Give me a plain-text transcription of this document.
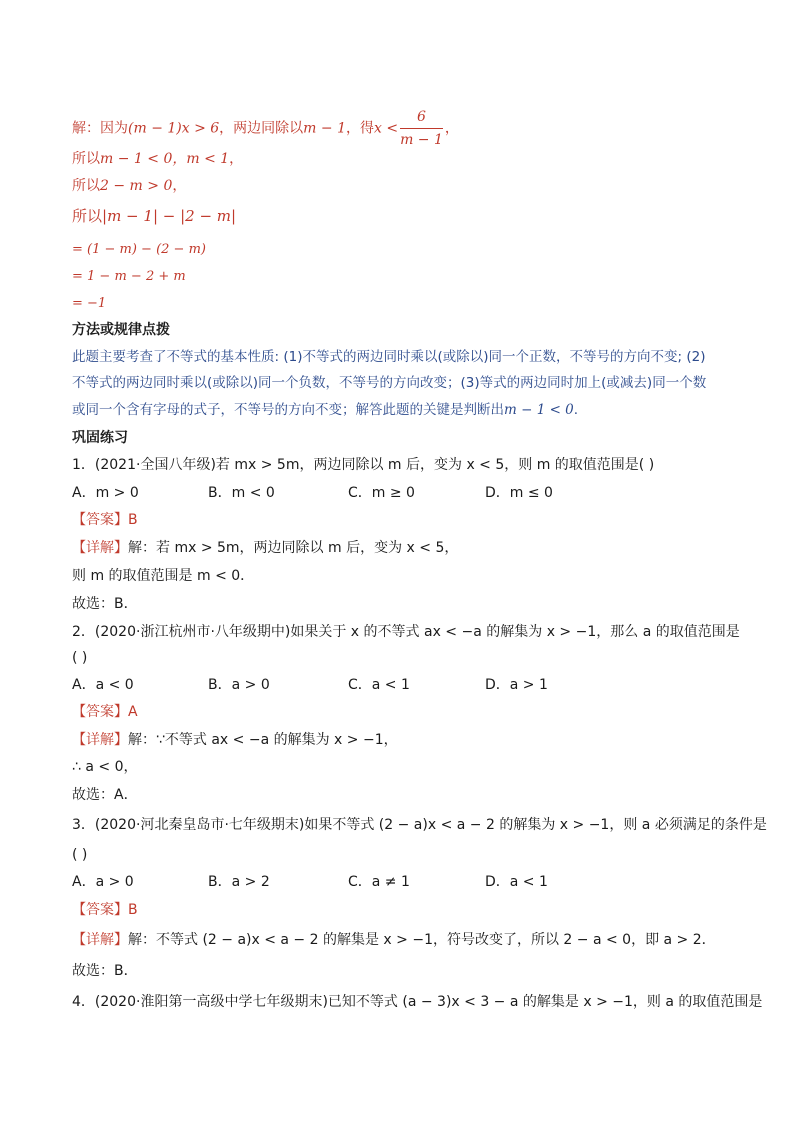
解：因为(m − 1)x > 6，两边同除以m − 1，得$x < \frac{6}{m - 1}$ ，
所以m − 1 < 0，m < 1，
所以2 − m > 0，
所以|m − 1| − |2 − m|
= (1 − m) − (2 − m)
= 1 − m − 2 + m
= −1
方法或规律点拨
此题主要考查了不等式的基本性质: (1)不等式的两边同时乘以(或除以)同一个正数，不等号的方向不变; (2)
不等式的两边同时乘以(或除以)同一个负数，不等号的方向改变；(3)等式的两边同时加上(或减去)同一个数
或同一个含有字母的式子，不等号的方向不变；解答此题的关键是判断出m − 1 < 0.
巩固练习
1．(2021·全国八年级)若 mx > 5m，两边同除以 m 后，变为 x < 5，则 m 的取值范围是( )
A．m > 0	B．m < 0	C．m ≥ 0	D．m ≤ 0
【答案】B
【详解】解：若 mx > 5m，两边同除以 m 后，变为 x < 5，
则 m 的取值范围是 m < 0．
故选：B．
2．(2020·浙江杭州市·八年级期中)如果关于 x 的不等式 ax < −a 的解集为 x > −1，那么 a 的取值范围是
( )
A．a < 0	B．a > 0	C．a < 1	D．a > 1
【答案】A
【详解】解：∵不等式 ax < −a 的解集为 x > −1，
∴ a < 0，
故选：A．
3．(2020·河北秦皇岛市·七年级期末)如果不等式 (2 − a)x < a − 2 的解集为 x > −1，则 a 必须满足的条件是
( )
A．a > 0	B．a > 2	C．a ≠ 1	D．a < 1
【答案】B
【详解】解：不等式 (2 − a)x < a − 2 的解集是 x > −1，符号改变了，所以 2 − a < 0，即 a > 2．
故选：B．
4．(2020·淮阳第一高级中学七年级期末)已知不等式 (a − 3)x < 3 − a 的解集是 x > −1，则 a 的取值范围是
